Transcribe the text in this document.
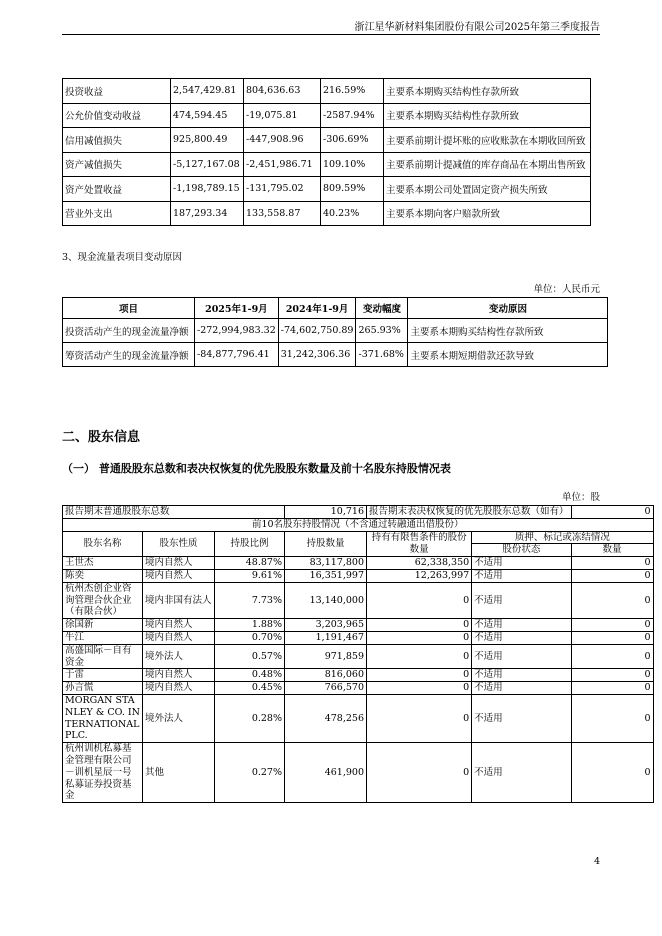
浙江星华新材料集团股份有限公司2025年第三季度报告
投资收益	2,547,429.81	804,636.63	216.59%	主要系本期购买结构性存款所致
公允价值变动收益	474,594.45	-19,075.81	-2587.94%	主要系本期购买结构性存款所致
信用减值损失	925,800.49	-447,908.96	-306.69%	主要系前期计提坏账的应收账款在本期收回所致
资产减值损失	-5,127,167.08	-2,451,986.71	109.10%	主要系前期计提减值的库存商品在本期出售所致
资产处置收益	-1,198,789.15	-131,795.02	809.59%	主要系本期公司处置固定资产损失所致
营业外支出	187,293.34	133,558.87	40.23%	主要系本期向客户赔款所致
3、现金流量表项目变动原因
单位：人民币元
项目	2025年1-9月	2024年1-9月	变动幅度	变动原因
投资活动产生的现金流量净额	-272,994,983.32	-74,602,750.89	265.93%	主要系本期购买结构性存款所致
筹资活动产生的现金流量净额	-84,877,796.41	31,242,306.36	-371.68%	主要系本期短期借款还款导致
二、股东信息
（一） 普通股股东总数和表决权恢复的优先股股东数量及前十名股东持股情况表
单位：股
报告期末普通股股东总数			10,716	报告期末表决权恢复的优先股股东总数（如有）		0
前10名股东持股情况（不含通过转融通出借股份）						
股东名称	股东性质	持股比例	持股数量	持有有限售条件的股份数量	质押、标记或冻结情况	
					股份状态	数量
王世杰	境内自然人	48.87%	83,117,800	62,338,350	不适用	0
陈奕	境内自然人	9.61%	16,351,997	12,263,997	不适用	0
杭州杰创企业咨询管理合伙企业（有限合伙）	境内非国有法人	7.73%	13,140,000	0	不适用	0
徐国新	境内自然人	1.88%	3,203,965	0	不适用	0
牛江	境内自然人	0.70%	1,191,467	0	不适用	0
高盛国际－自有资金	境外法人	0.57%	971,859	0	不适用	0
于雷	境内自然人	0.48%	816,060	0	不适用	0
孙言慌	境内自然人	0.45%	766,570	0	不适用	0
MORGAN STANLEY & CO. INTERNATIONAL PLC.	境外法人	0.28%	478,256	0	不适用	0
杭州训机私募基金管理有限公司－训机星辰一号私募证券投资基金	其他	0.27%	461,900	0	不适用	0
4
